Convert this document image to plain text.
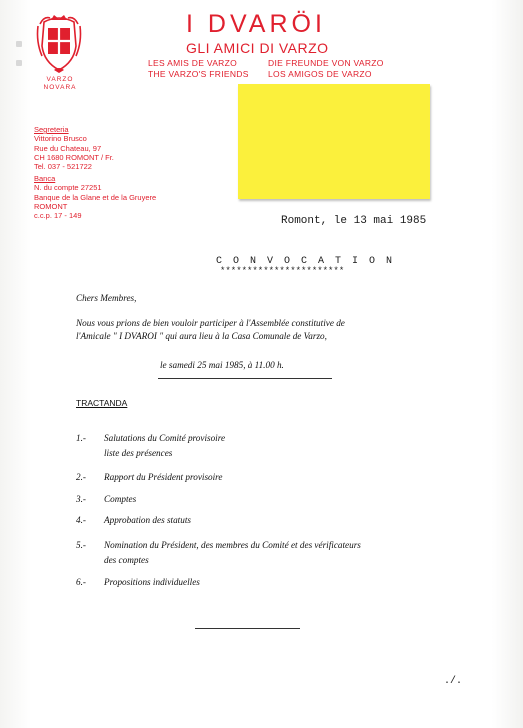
VARZO
NOVARA
I DVARÖI
GLI AMICI DI VARZO
LES AMIS DE VARZO
THE VARZO'S FRIENDS
DIE FREUNDE VON VARZO
LOS AMIGOS DE VARZO
Segreteria
Vittorino Brusco
Rue du Chateau, 97
CH 1680 ROMONT / Fr.
Tel. 037 - 521722
Banca
N. du compte 27251
Banque de la Glane et de la Gruyere
ROMONT
c.c.p. 17 - 149	Romont, le 13 mai 1985
C O N V O C A T I O N
***********************
Chers Membres,
Nous vous prions de bien vouloir participer à l'Assemblée constitutive de
l'Amicale " I DVAROI " qui aura lieu à la Casa Comunale de Varzo,
le samedi 25 mai 1985, à 11.00 h.
TRACTANDA
1.- Salutations du Comité provisoire
liste des présences
2.- Rapport du Président provisoire
3.- Comptes
4.- Approbation des statuts
5.- Nomination du Président, des membres du Comité et des vérificateurs
des comptes
6.- Propositions individuelles
./.
